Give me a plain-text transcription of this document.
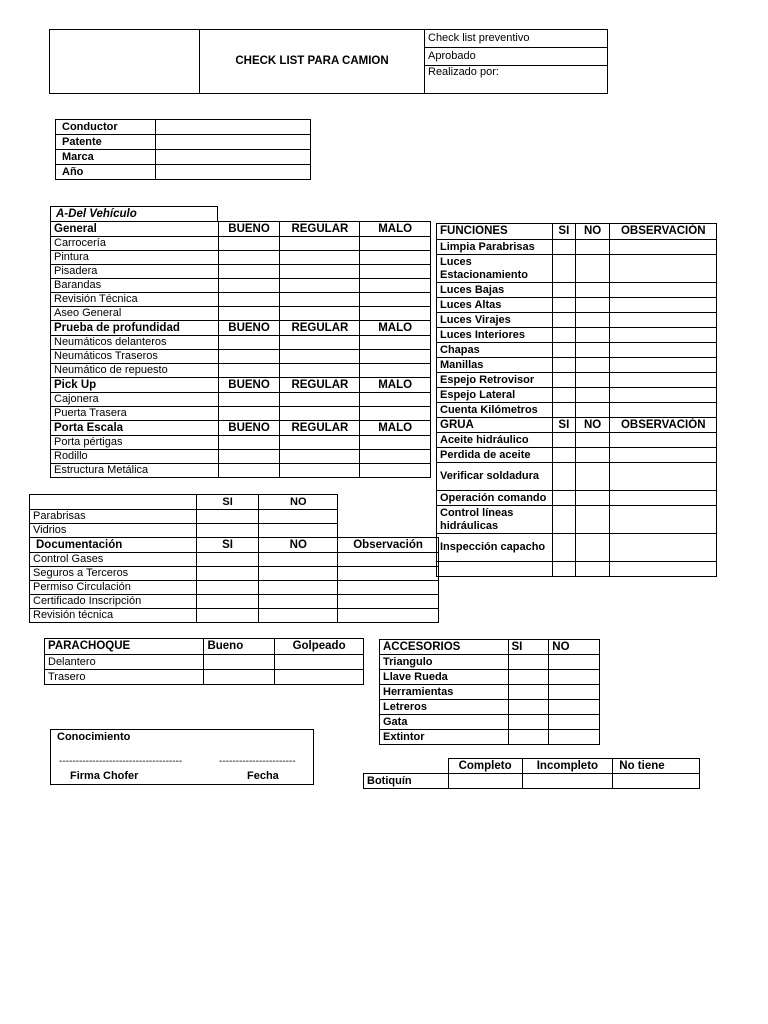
	CHECK LIST PARA CAMION	Check list preventivo
Aprobado
Realizado por:
Conductor	
Patente	
Marca	
Año	
A-Del Vehículo
General	BUENO	REGULAR	MALO
Carrocería			
Pintura			
Pisadera			
Barandas			
Revisión Técnica			
Aseo General			
Prueba de profundidad	BUENO	REGULAR	MALO
Neumáticos delanteros			
Neumáticos Traseros			
Neumático de repuesto			
Pick Up	BUENO	REGULAR	MALO
Cajonera			
Puerta Trasera			
Porta Escala	BUENO	REGULAR	MALO
Porta pértigas			
Rodillo			
Estructura Metálica			
	SI	NO	
Parabrisas			
Vidrios			
Documentación	SI	NO	Observación
Control Gases			
Seguros a Terceros			
Permiso Circulación			
Certificado Inscripción			
Revisión técnica			
FUNCIONES	SI	NO	OBSERVACIÓN
Limpia Parabrisas			
Luces Estacionamiento			
Luces Bajas			
Luces Altas			
Luces Virajes			
Luces Interiores			
Chapas			
Manillas			
Espejo Retrovisor			
Espejo Lateral			
Cuenta Kilómetros			
GRUA	SI	NO	OBSERVACIÓN
Aceite hidráulico			
Perdida de aceite			
Verificar soldadura			
Operación comando			
Control líneas hidráulicas			
Inspección capacho			

PARACHOQUE	Bueno	Golpeado
Delantero		
Trasero		
ACCESORIOS	SI	NO
Triangulo		
Llave Rueda		
Herramientas		
Letreros		
Gata		
Extintor		
Conocimiento
-------------------------------------	-----------------------
Firma Chofer	Fecha
	Completo	Incompleto	No tiene
Botiquín			
